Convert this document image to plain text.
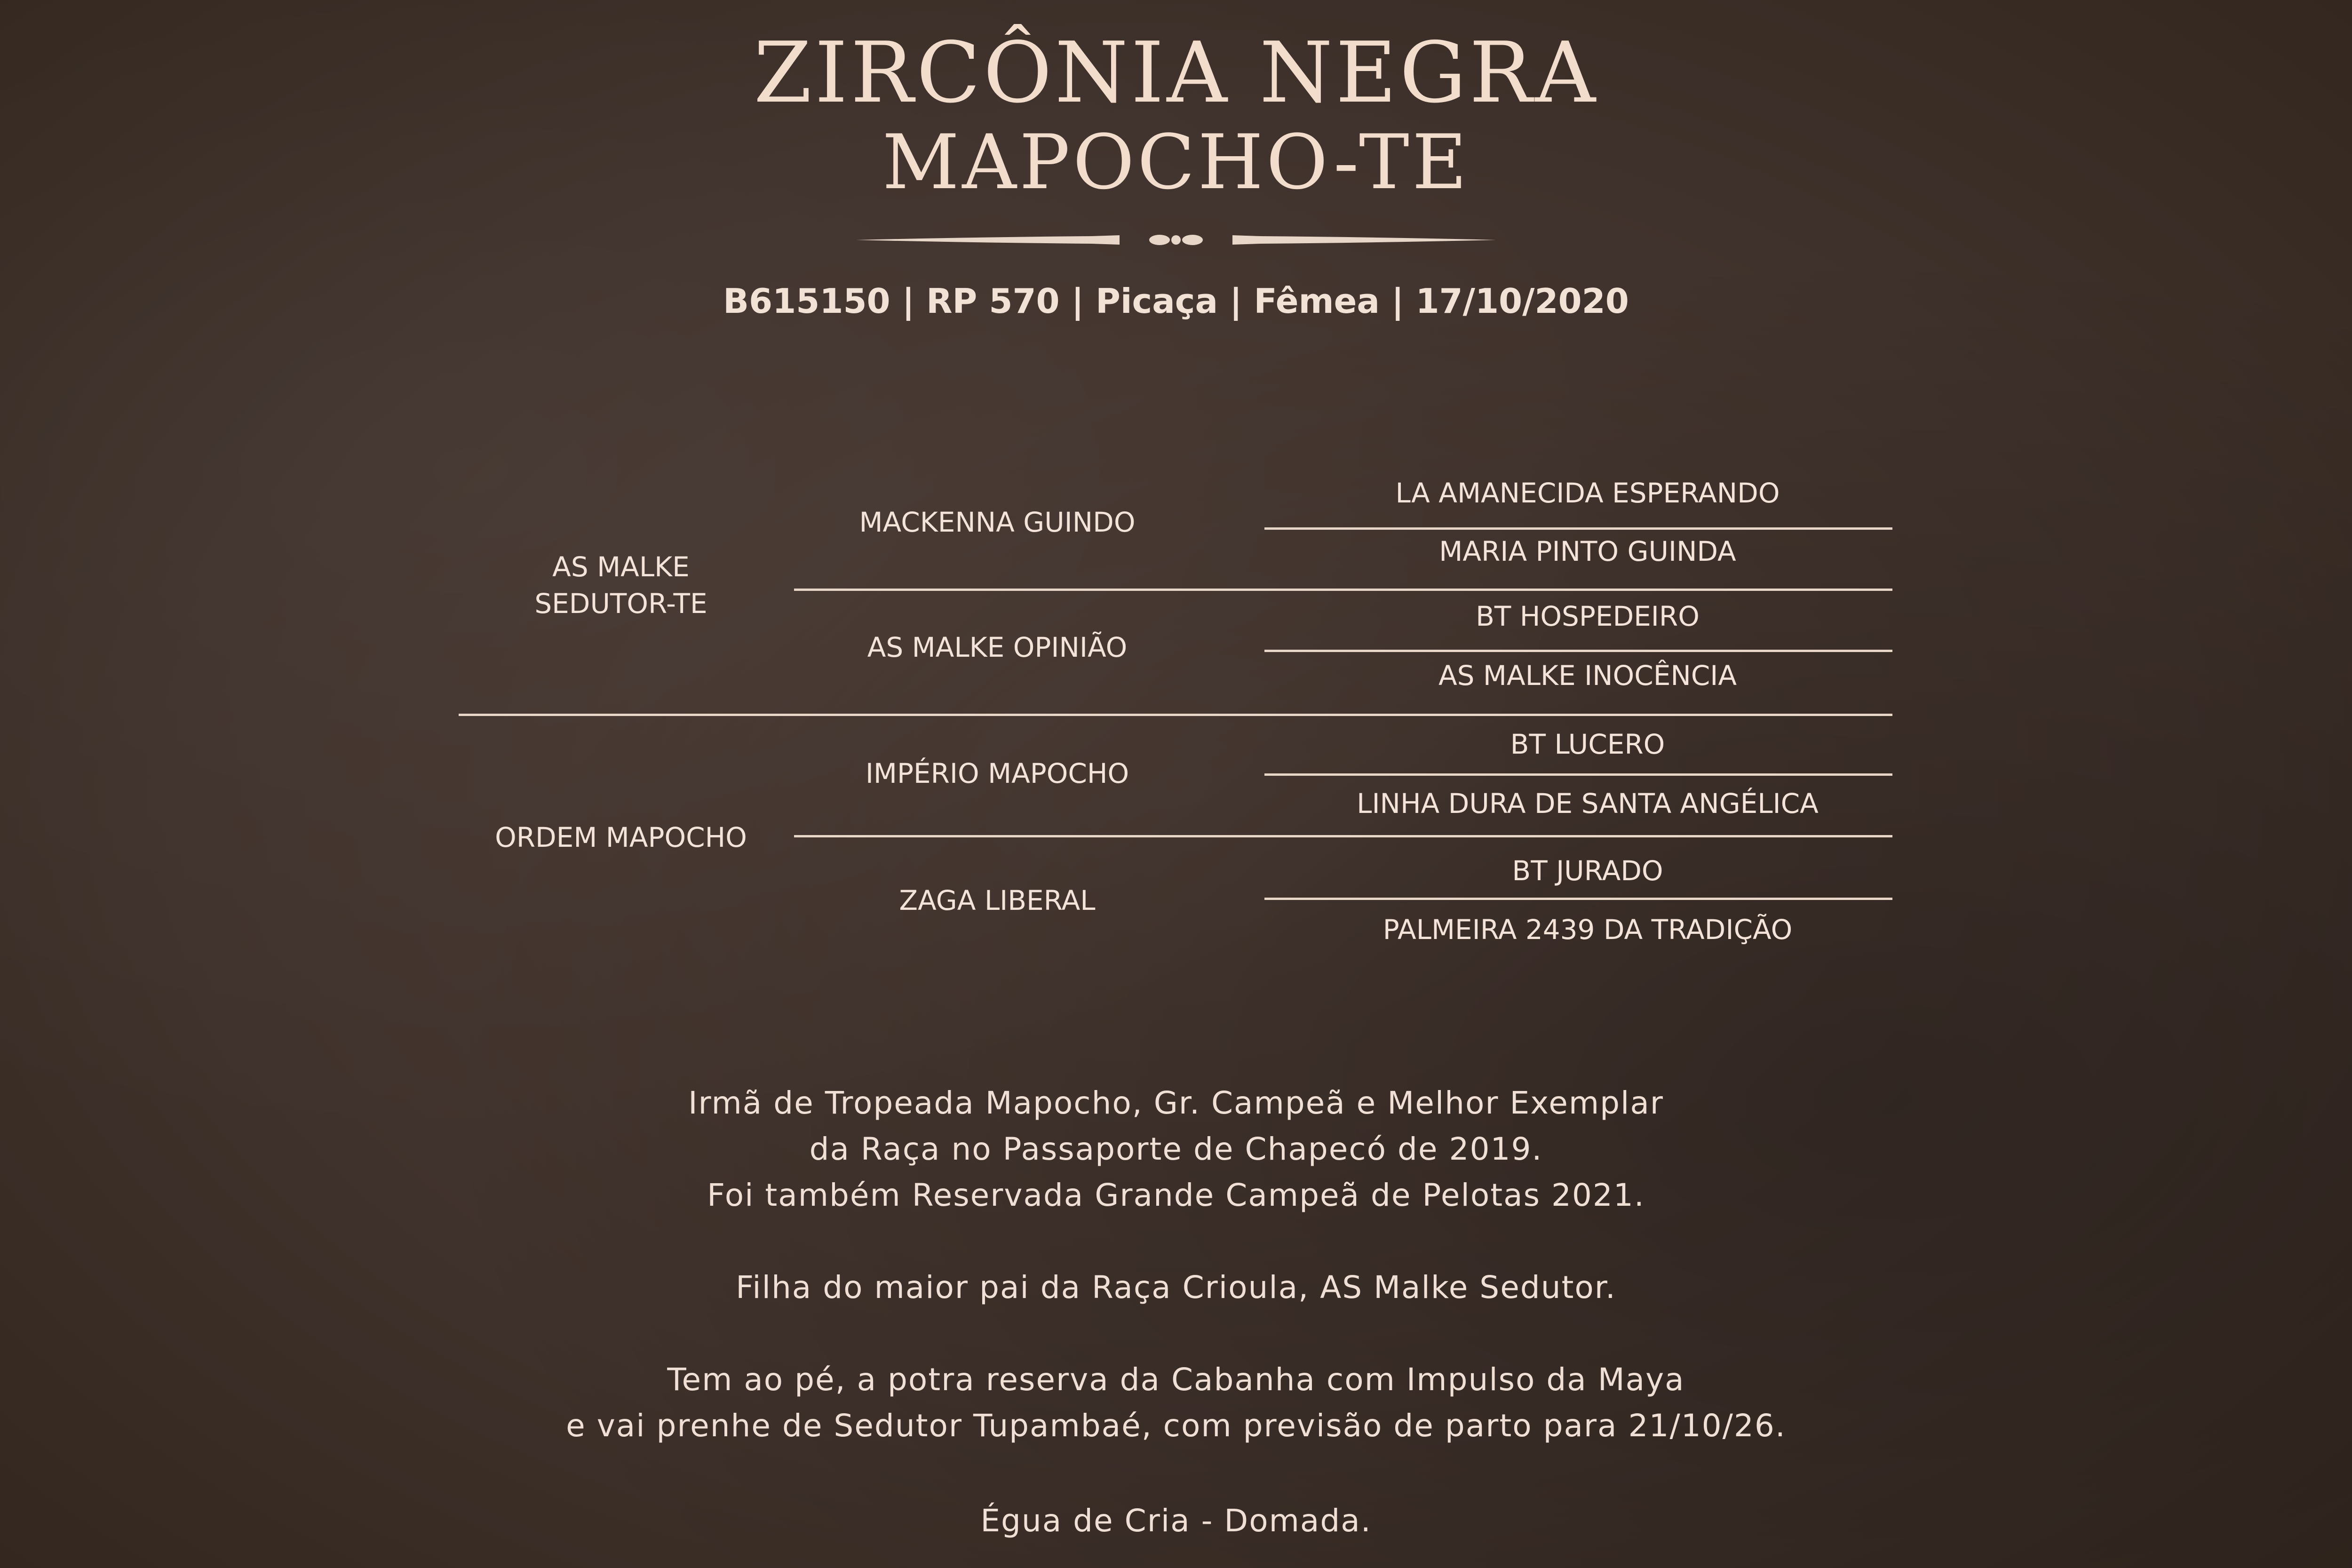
ZIRCÔNIA NEGRA
MAPOCHO-TE
B615150 | RP 570 | Picaça | Fêmea | 17/10/2020
AS MALKE
SEDUTOR-TE
ORDEM MAPOCHO
MACKENNA GUINDO
AS MALKE OPINIÃO
IMPÉRIO MAPOCHO
ZAGA LIBERAL
LA AMANECIDA ESPERANDO
MARIA PINTO GUINDA
BT HOSPEDEIRO
AS MALKE INOCÊNCIA
BT LUCERO
LINHA DURA DE SANTA ANGÉLICA
BT JURADO
PALMEIRA 2439 DA TRADIÇÃO
Irmã de Tropeada Mapocho, Gr. Campeã e Melhor Exemplar
da Raça no Passaporte de Chapecó de 2019.
Foi também Reservada Grande Campeã de Pelotas 2021.
Filha do maior pai da Raça Crioula, AS Malke Sedutor.
Tem ao pé, a potra reserva da Cabanha com Impulso da Maya
e vai prenhe de Sedutor Tupambaé, com previsão de parto para 21/10/26.
Égua de Cria - Domada.
